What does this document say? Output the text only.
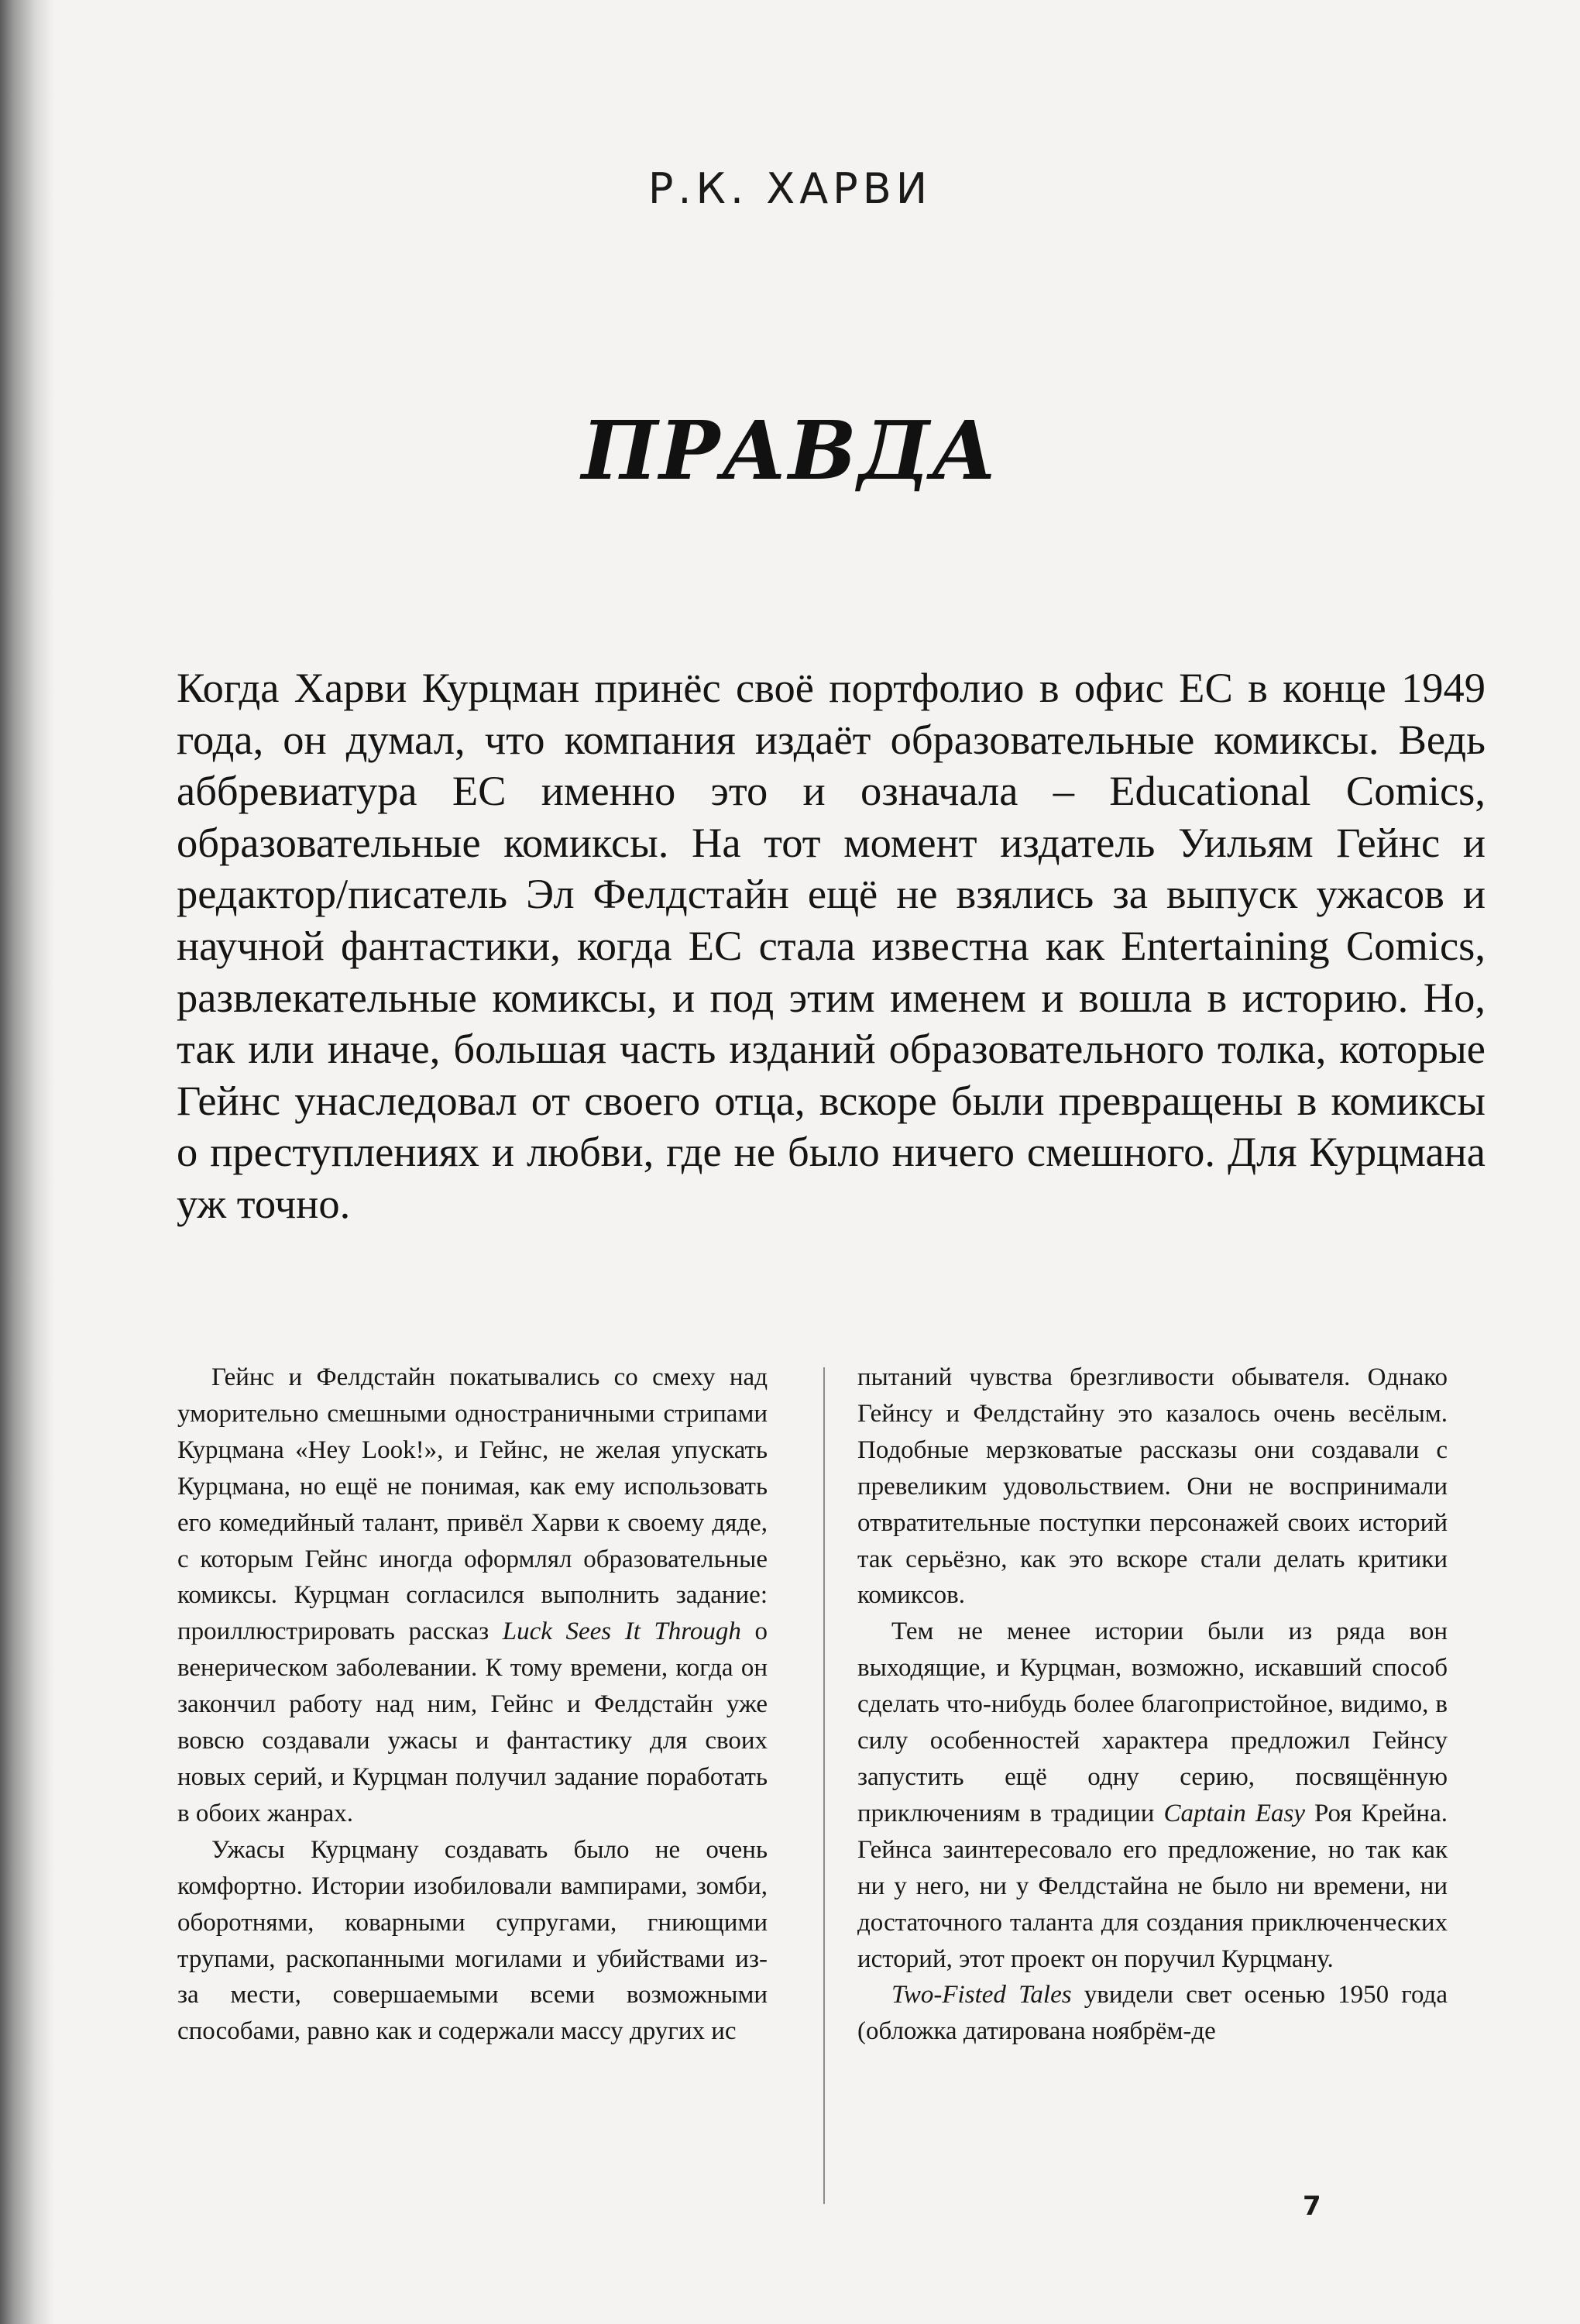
Р.К. ХАРВИ
ПРАВДА

Когда Харви Курцман принёс своё портфолио в офис ЕС в конце 1949 года, он думал, что компания издаёт образовательные комиксы. Ведь аббревиатура ЕС именно это и означала – Educational Comics, образовательные комиксы. На тот момент издатель Уильям Гейнс и редактор/писатель Эл Фелдстайн ещё не взялись за выпуск ужасов и научной фантастики, когда ЕС стала известна как Entertaining Comics, развлекательные комиксы, и под этим именем и вошла в историю. Но, так или иначе, большая часть изданий образовательного толка, которые Гейнс унаследовал от своего отца, вскоре были превращены в комиксы о преступлениях и любви, где не было ничего смешного. Для Курцмана уж точно.

Гейнс и Фелдстайн покатывались со смеху над уморительно смешными одностраничными стрипами Курцмана «Hey Look!», и Гейнс, не желая упускать Курцмана, но ещё не понимая, как ему использовать его комедийный талант, привёл Харви к своему дяде, с которым Гейнс иногда оформлял образовательные комиксы. Курцман согласился выполнить задание: проиллюстрировать рассказ Luck Sees It Through о венерическом заболевании. К тому времени, когда он закончил работу над ним, Гейнс и Фелдстайн уже вовсю создавали ужасы и фантастику для своих новых серий, и Курцман получил задание поработать в обоих жанрах.

Ужасы Курцману создавать было не очень комфортно. Истории изобиловали вампирами, зомби, оборотнями, коварными супругами, гниющими трупами, раскопанными могилами и убийствами из-за мести, совершаемыми всеми возможными способами, равно как и содержали массу других ис

пытаний чувства брезгливости обывателя. Однако Гейнсу и Фелдстайну это казалось очень весёлым. Подобные мерзковатые рассказы они создавали с превеликим удовольствием. Они не воспринимали отвратительные поступки персонажей своих историй так серьёзно, как это вскоре стали делать критики комиксов.

Тем не менее истории были из ряда вон выходящие, и Курцман, возможно, искавший способ сделать что-нибудь более благопристойное, видимо, в силу особенностей характера предложил Гейнсу запустить ещё одну серию, посвящённую приключениям в традиции Captain Easy Роя Крейна. Гейнса заинтересовало его предложение, но так как ни у него, ни у Фелдстайна не было ни времени, ни достаточного таланта для создания приключенческих историй, этот проект он поручил Курцману.

Two-Fisted Tales увидели свет осенью 1950 года (обложка датирована ноябрём-де

7
